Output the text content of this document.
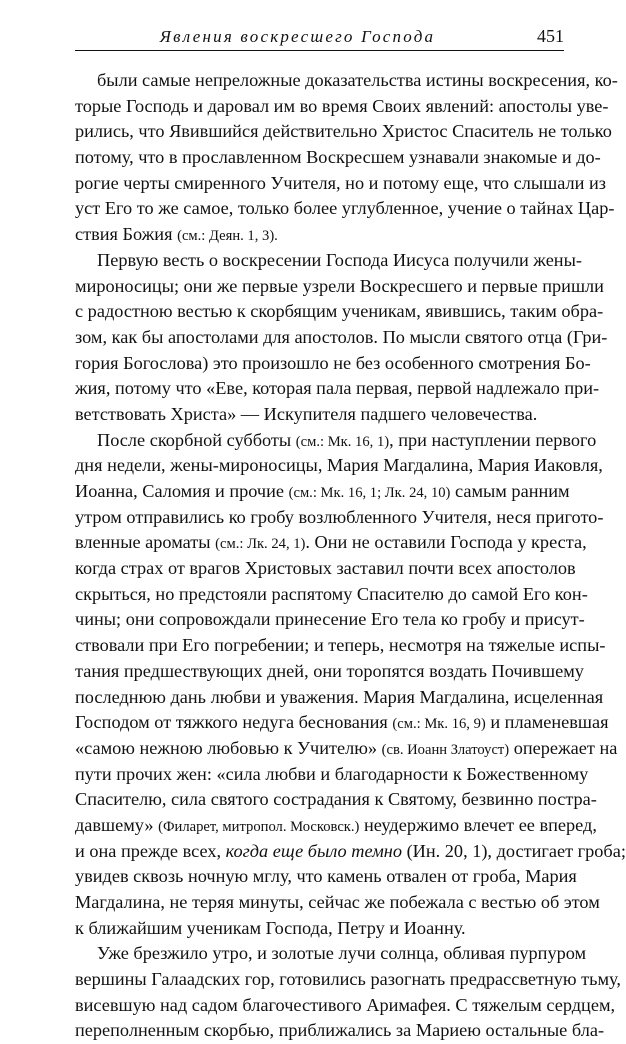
Явления воскресшего Господа	451
были самые непреложные доказательства истины воскресения, ко-
торые Господь и даровал им во время Своих явлений: апостолы уве-
рились, что Явившийся действительно Христос Спаситель не только
потому, что в прославленном Воскресшем узнавали знакомые и до-
рогие черты смиренного Учителя, но и потому еще, что слышали из
уст Его то же самое, только более углубленное, учение о тайнах Цар-
ствия Божия (см.: Деян. 1, 3).
Первую весть о воскресении Господа Иисуса получили жены-
мироносицы; они же первые узрели Воскресшего и первые пришли
с радостною вестью к скорбящим ученикам, явившись, таким обра-
зом, как бы апостолами для апостолов. По мысли святого отца (Гри-
гория Богослова) это произошло не без особенного смотрения Бо-
жия, потому что «Еве, которая пала первая, первой надлежало при-
ветствовать Христа» — Искупителя падшего человечества.
После скорбной субботы (см.: Мк. 16, 1), при наступлении первого
дня недели, жены-мироносицы, Мария Магдалина, Мария Иаковля,
Иоанна, Саломия и прочие (см.: Мк. 16, 1; Лк. 24, 10) самым ранним
утром отправились ко гробу возлюбленного Учителя, неся пригото-
вленные ароматы (см.: Лк. 24, 1). Они не оставили Господа у креста,
когда страх от врагов Христовых заставил почти всех апостолов
скрыться, но предстояли распятому Спасителю до самой Его кон-
чины; они сопровождали принесение Его тела ко гробу и присут-
ствовали при Его погребении; и теперь, несмотря на тяжелые испы-
тания предшествующих дней, они торопятся воздать Почившему
последнюю дань любви и уважения. Мария Магдалина, исцеленная
Господом от тяжкого недуга беснования (см.: Мк. 16, 9) и пламеневшая
«самою нежною любовью к Учителю» (св. Иоанн Златоуст) опережает на
пути прочих жен: «сила любви и благодарности к Божественному
Спасителю, сила святого сострадания к Святому, безвинно постра-
давшему» (Филарет, митропол. Московск.) неудержимо влечет ее вперед,
и она прежде всех, когда еще было темно (Ин. 20, 1), достигает гроба;
увидев сквозь ночную мглу, что камень отвален от гроба, Мария
Магдалина, не теряя минуты, сейчас же побежала с вестью об этом
к ближайшим ученикам Господа, Петру и Иоанну.
Уже брезжило утро, и золотые лучи солнца, обливая пурпуром
вершины Галаадских гор, готовились разогнать предрассветную тьму,
висевшую над садом благочестивого Аримафея. С тяжелым сердцем,
переполненным скорбью, приближались за Мариею остальные бла-
